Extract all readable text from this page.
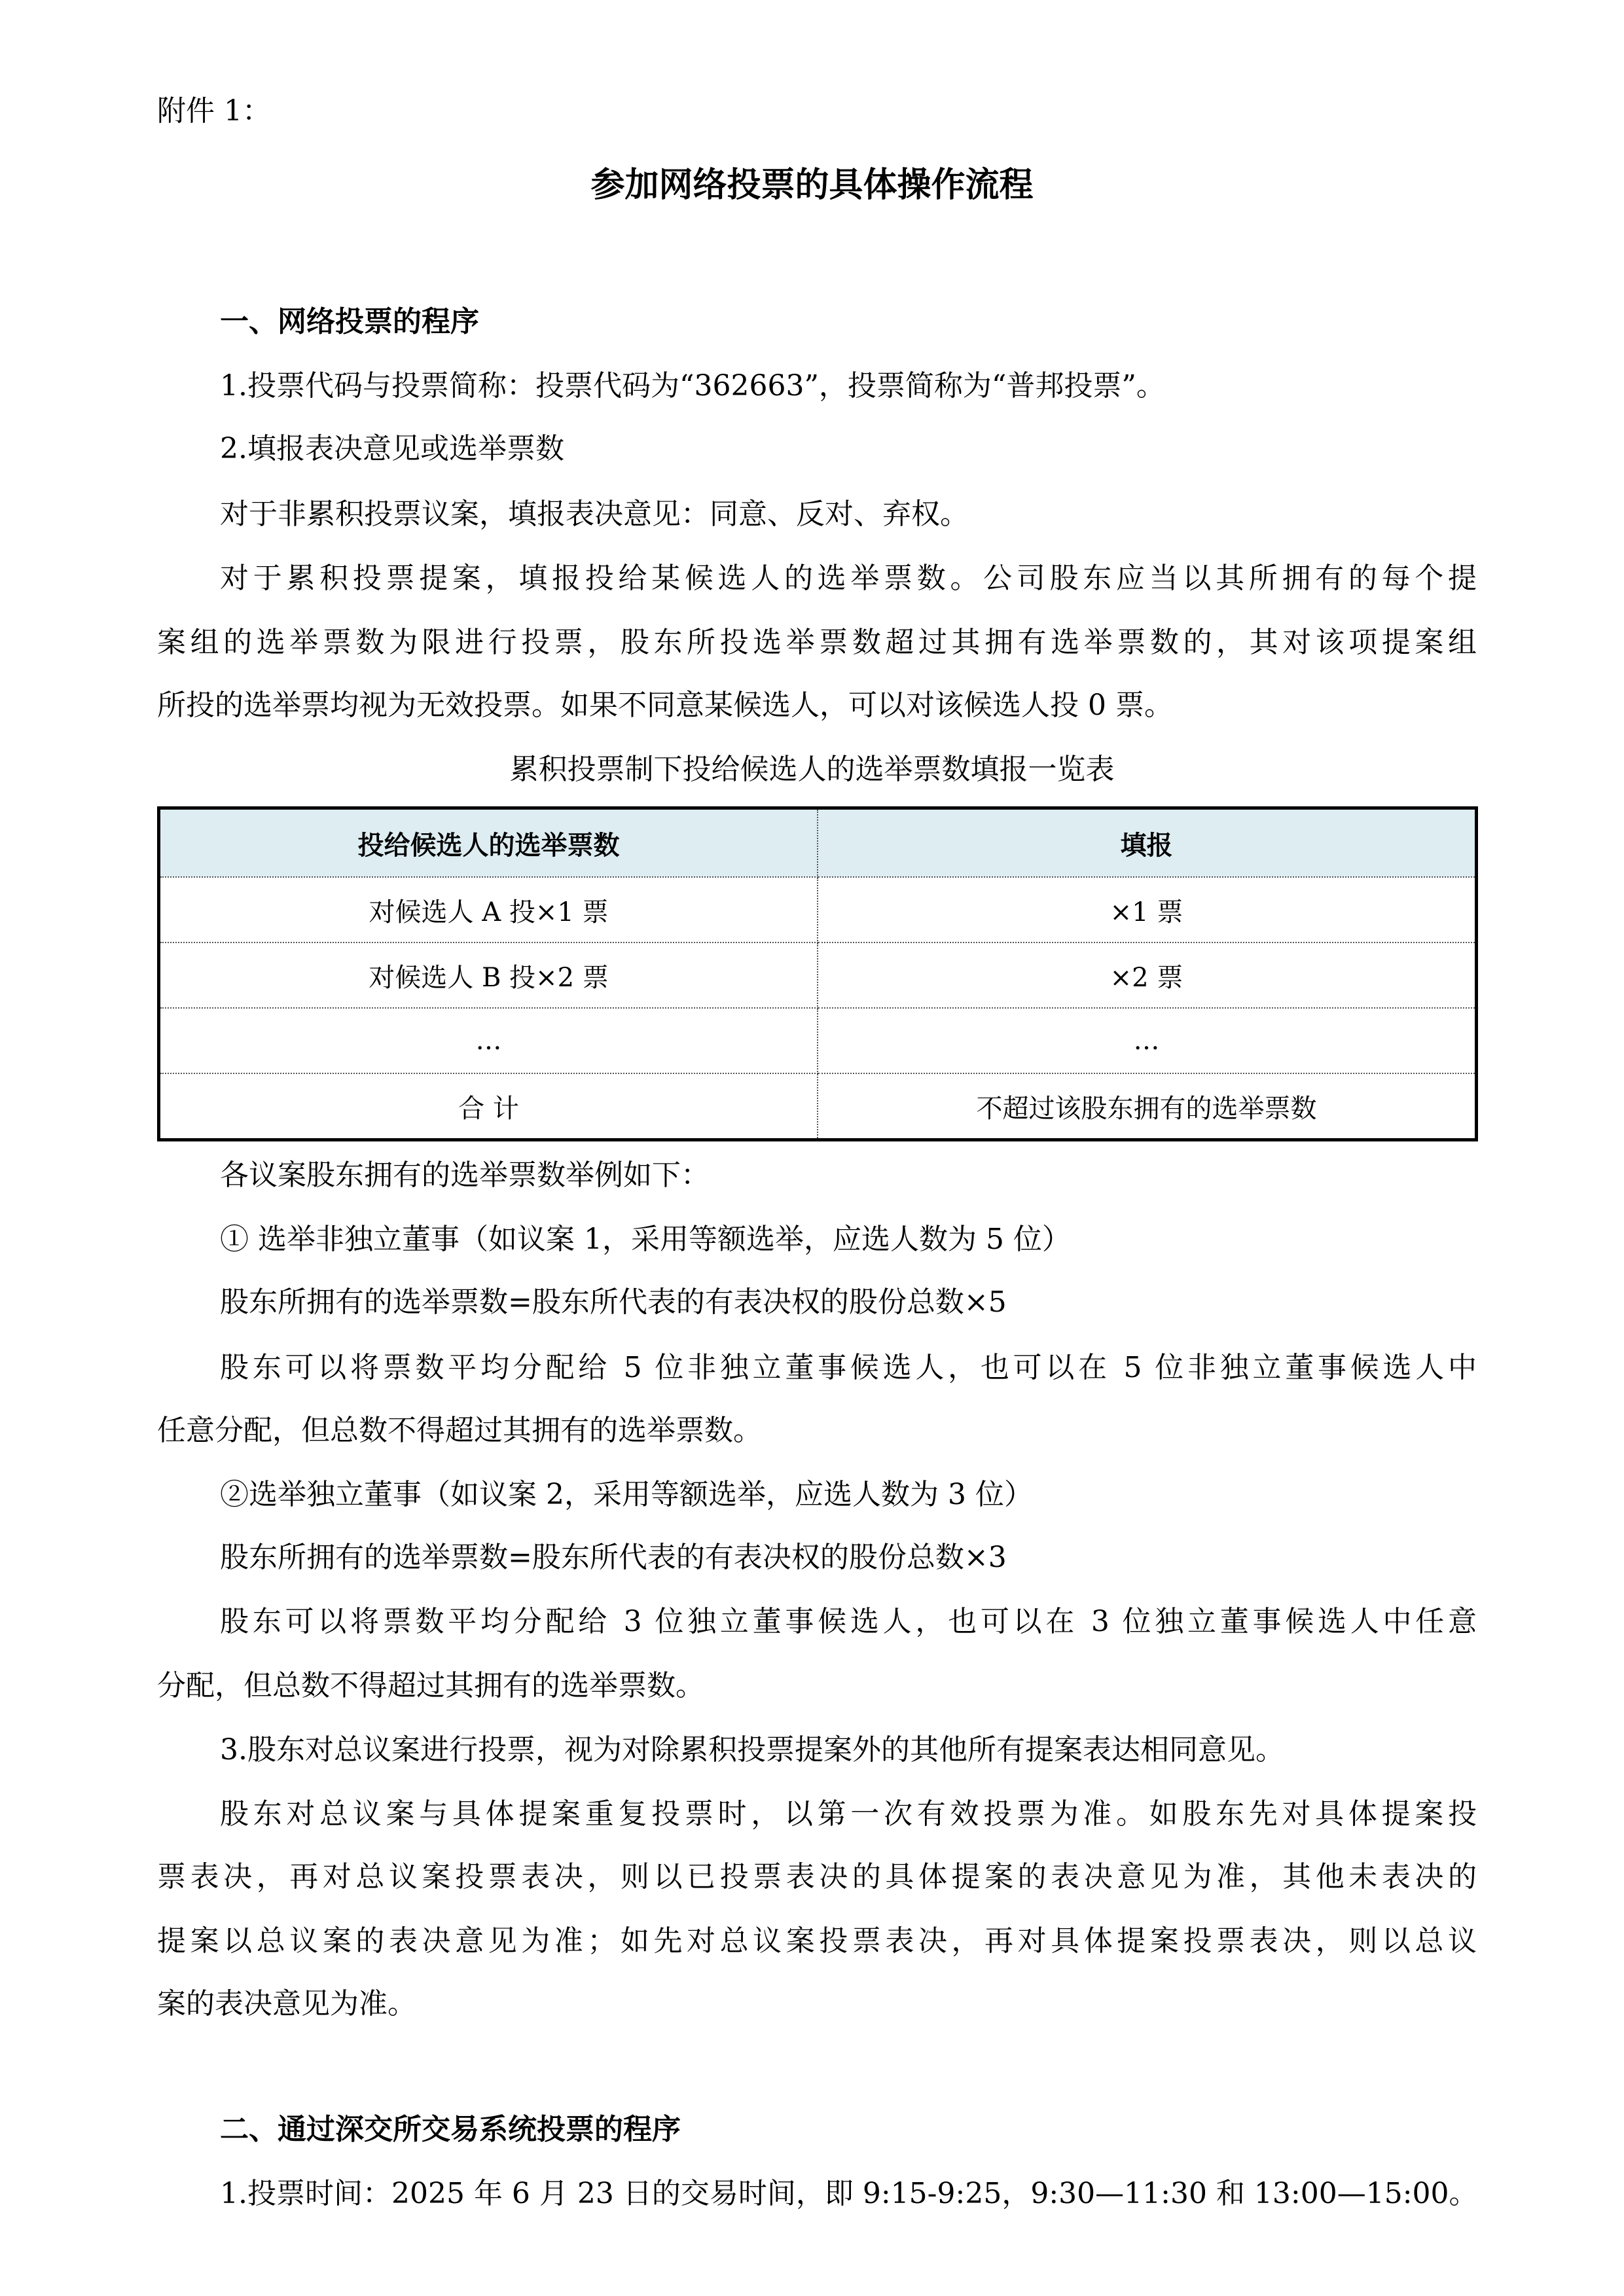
附件 1：
参加网络投票的具体操作流程
一、网络投票的程序
1.投票代码与投票简称：投票代码为“362663”，投票简称为“普邦投票”。
2.填报表决意见或选举票数
对于非累积投票议案，填报表决意见：同意、反对、弃权。
对于累积投票提案，填报投给某候选人的选举票数。公司股东应当以其所拥有的每个提
案组的选举票数为限进行投票，股东所投选举票数超过其拥有选举票数的，其对该项提案组
所投的选举票均视为无效投票。如果不同意某候选人，可以对该候选人投 0 票。
累积投票制下投给候选人的选举票数填报一览表
投给候选人的选举票数	填报
对候选人 A 投×1 票	×1 票
对候选人 B 投×2 票	×2 票
…	…
合 计	不超过该股东拥有的选举票数
各议案股东拥有的选举票数举例如下：
① 选举非独立董事（如议案 1，采用等额选举，应选人数为 5 位）
股东所拥有的选举票数=股东所代表的有表决权的股份总数×5
股东可以将票数平均分配给 5 位非独立董事候选人，也可以在 5 位非独立董事候选人中
任意分配，但总数不得超过其拥有的选举票数。
②选举独立董事（如议案 2，采用等额选举，应选人数为 3 位）
股东所拥有的选举票数=股东所代表的有表决权的股份总数×3
股东可以将票数平均分配给 3 位独立董事候选人，也可以在 3 位独立董事候选人中任意
分配，但总数不得超过其拥有的选举票数。
3.股东对总议案进行投票，视为对除累积投票提案外的其他所有提案表达相同意见。
股东对总议案与具体提案重复投票时，以第一次有效投票为准。如股东先对具体提案投
票表决，再对总议案投票表决，则以已投票表决的具体提案的表决意见为准，其他未表决的
提案以总议案的表决意见为准；如先对总议案投票表决，再对具体提案投票表决，则以总议
案的表决意见为准。
二、通过深交所交易系统投票的程序
1.投票时间：2025 年 6 月 23 日的交易时间，即 9:15-9:25，9:30—11:30 和 13:00—15:00。
